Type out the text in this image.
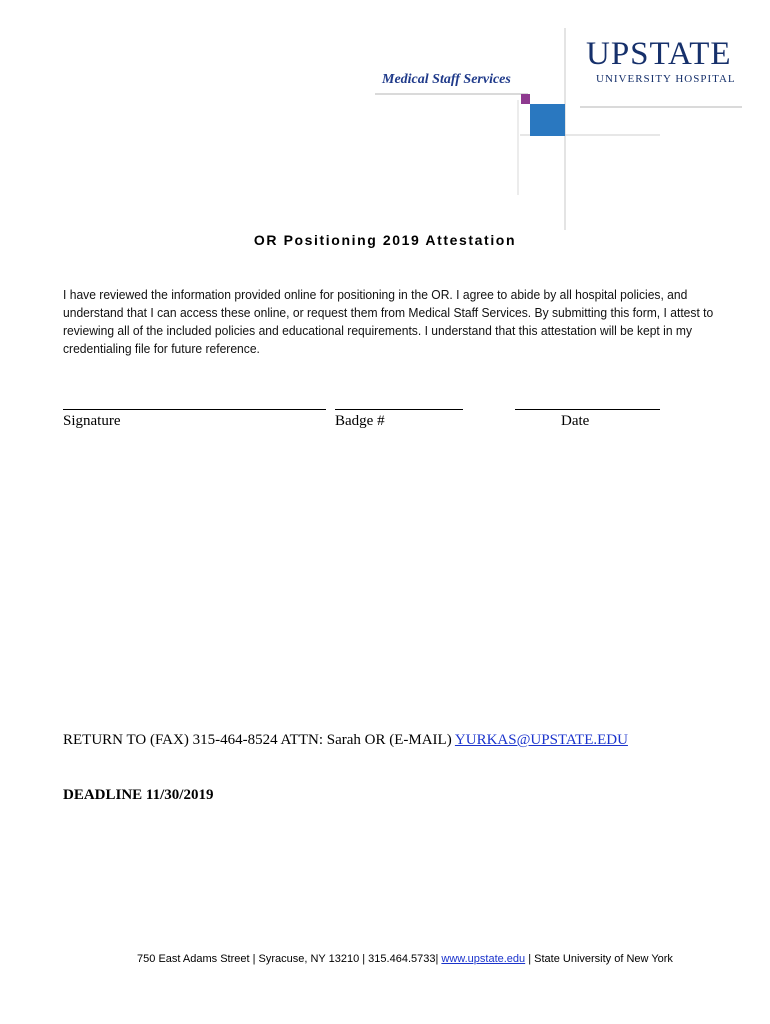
Medical Staff Services
UPSTATE
UNIVERSITY HOSPITAL
OR Positioning 2019 Attestation
I have reviewed the information provided online for positioning in the OR. I agree to abide by all hospital policies, and understand that I can access these online, or request them from Medical Staff Services. By submitting this form, I attest to reviewing all of the included policies and educational requirements. I understand that this attestation will be kept in my credentialing file for future reference.
Signature	Badge #	Date
RETURN TO (FAX) 315-464-8524 ATTN: Sarah OR (E-MAIL) YURKAS@UPSTATE.EDU
DEADLINE 11/30/2019
750 East Adams Street | Syracuse, NY 13210 | 315.464.5733| www.upstate.edu | State University of New York
